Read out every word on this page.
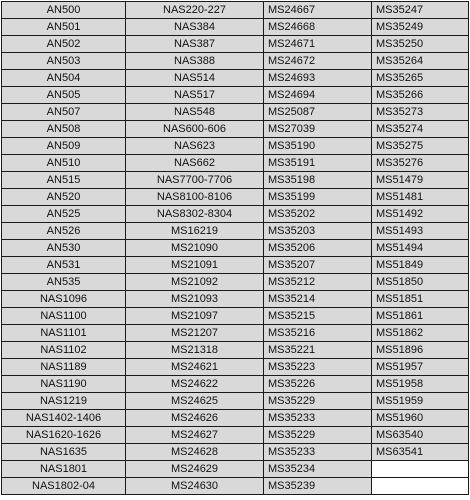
AN500	NAS220-227	MS24667	MS35247
AN501	NAS384	MS24668	MS35249
AN502	NAS387	MS24671	MS35250
AN503	NAS388	MS24672	MS35264
AN504	NAS514	MS24693	MS35265
AN505	NAS517	MS24694	MS35266
AN507	NAS548	MS25087	MS35273
AN508	NAS600-606	MS27039	MS35274
AN509	NAS623	MS35190	MS35275
AN510	NAS662	MS35191	MS35276
AN515	NAS7700-7706	MS35198	MS51479
AN520	NAS8100-8106	MS35199	MS51481
AN525	NAS8302-8304	MS35202	MS51492
AN526	MS16219	MS35203	MS51493
AN530	MS21090	MS35206	MS51494
AN531	MS21091	MS35207	MS51849
AN535	MS21092	MS35212	MS51850
NAS1096	MS21093	MS35214	MS51851
NAS1100	MS21097	MS35215	MS51861
NAS1101	MS21207	MS35216	MS51862
NAS1102	MS21318	MS35221	MS51896
NAS1189	MS24621	MS35223	MS51957
NAS1190	MS24622	MS35226	MS51958
NAS1219	MS24625	MS35229	MS51959
NAS1402-1406	MS24626	MS35233	MS51960
NAS1620-1626	MS24627	MS35229	MS63540
NAS1635	MS24628	MS35233	MS63541
NAS1801	MS24629	MS35234	
NAS1802-04	MS24630	MS35239	
